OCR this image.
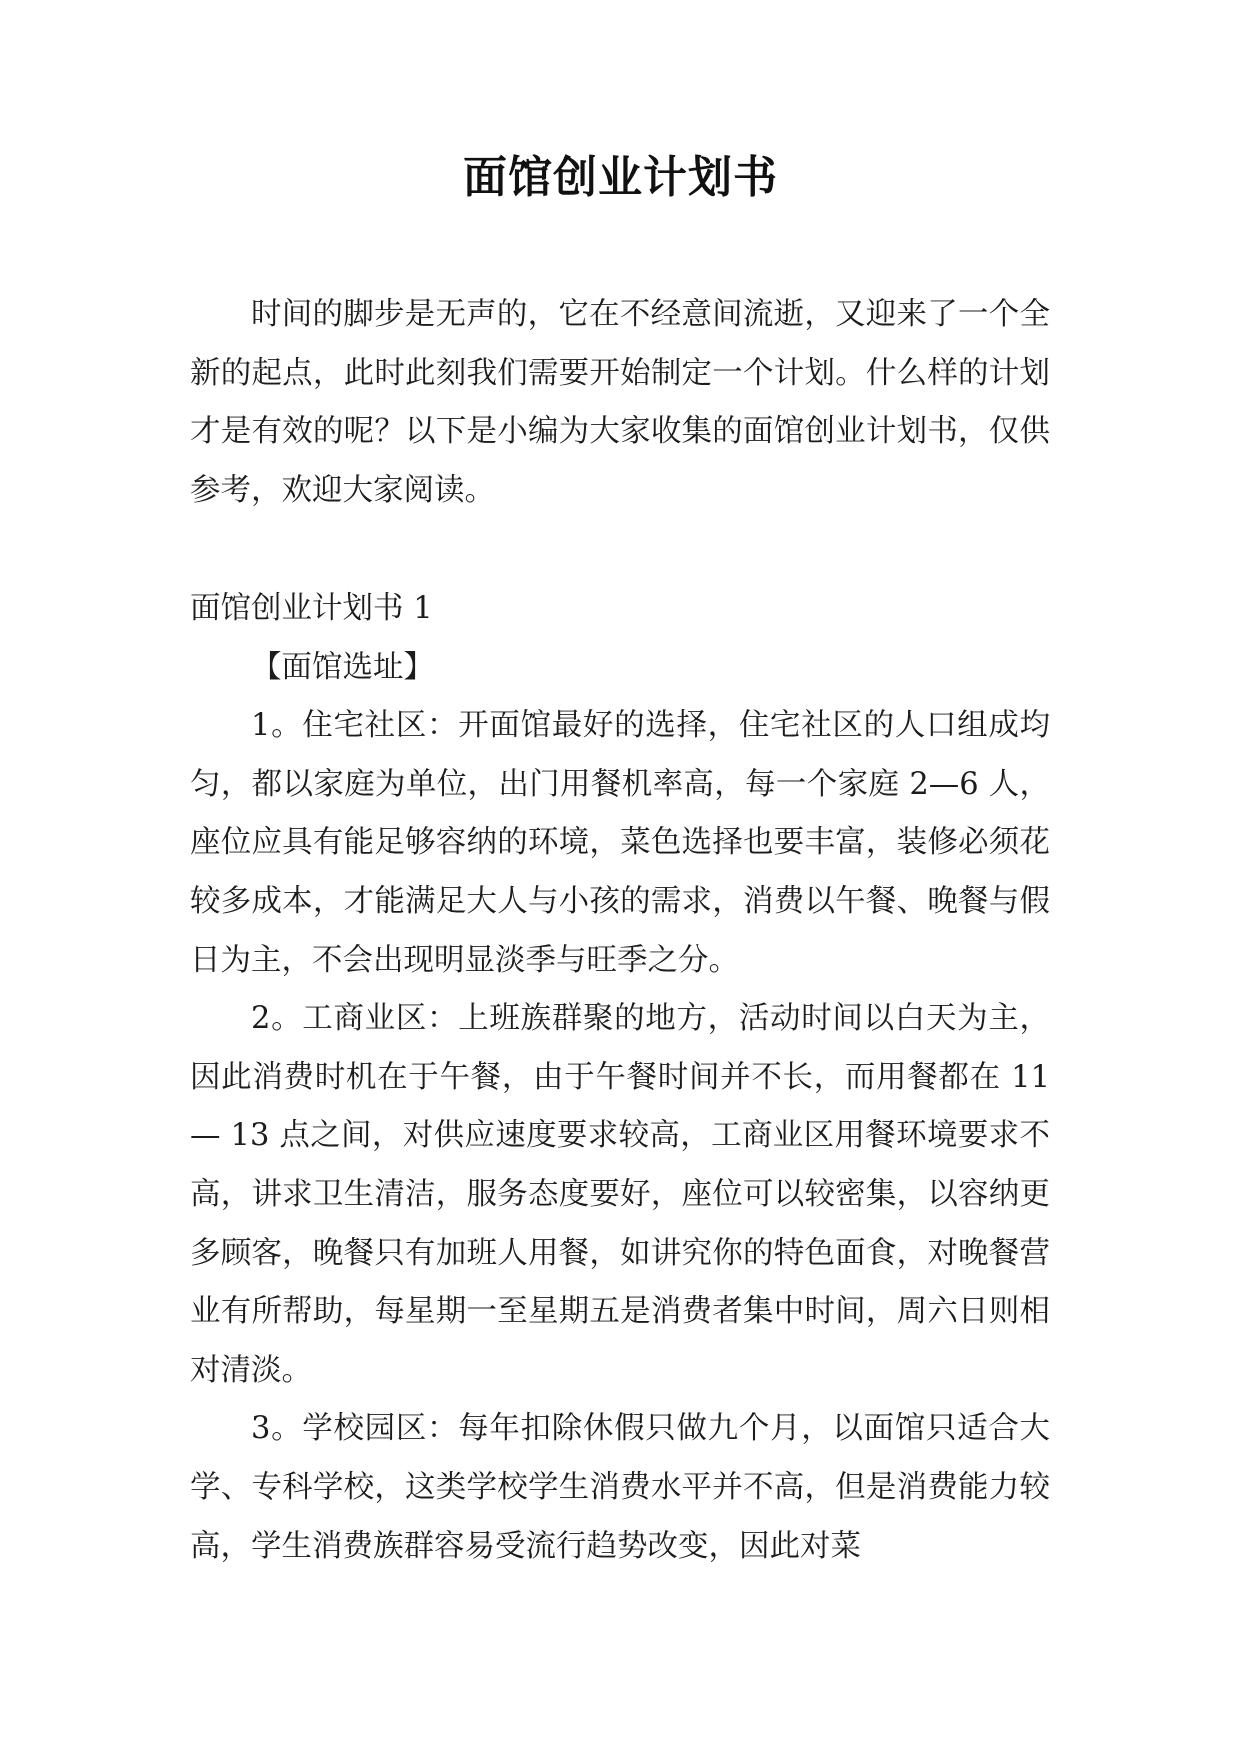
面馆创业计划书

时间的脚步是无声的，它在不经意间流逝，又迎来了一个全新的起点，此时此刻我们需要开始制定一个计划。什么样的计划才是有效的呢？以下是小编为大家收集的面馆创业计划书，仅供参考，欢迎大家阅读。

面馆创业计划书 1

【面馆选址】

1。住宅社区：开面馆最好的选择，住宅社区的人口组成均匀，都以家庭为单位，出门用餐机率高，每一个家庭 2—6 人，座位应具有能足够容纳的环境，菜色选择也要丰富，装修必须花较多成本，才能满足大人与小孩的需求，消费以午餐、晚餐与假日为主，不会出现明显淡季与旺季之分。

2。工商业区：上班族群聚的地方，活动时间以白天为主，因此消费时机在于午餐，由于午餐时间并不长，而用餐都在 11— 13 点之间，对供应速度要求较高，工商业区用餐环境要求不高，讲求卫生清洁，服务态度要好，座位可以较密集，以容纳更多顾客，晚餐只有加班人用餐，如讲究你的特色面食，对晚餐营业有所帮助，每星期一至星期五是消费者集中时间，周六日则相对清淡。

3。学校园区：每年扣除休假只做九个月，以面馆只适合大学、专科学校，这类学校学生消费水平并不高，但是消费能力较高，学生消费族群容易受流行趋势改变，因此对菜
